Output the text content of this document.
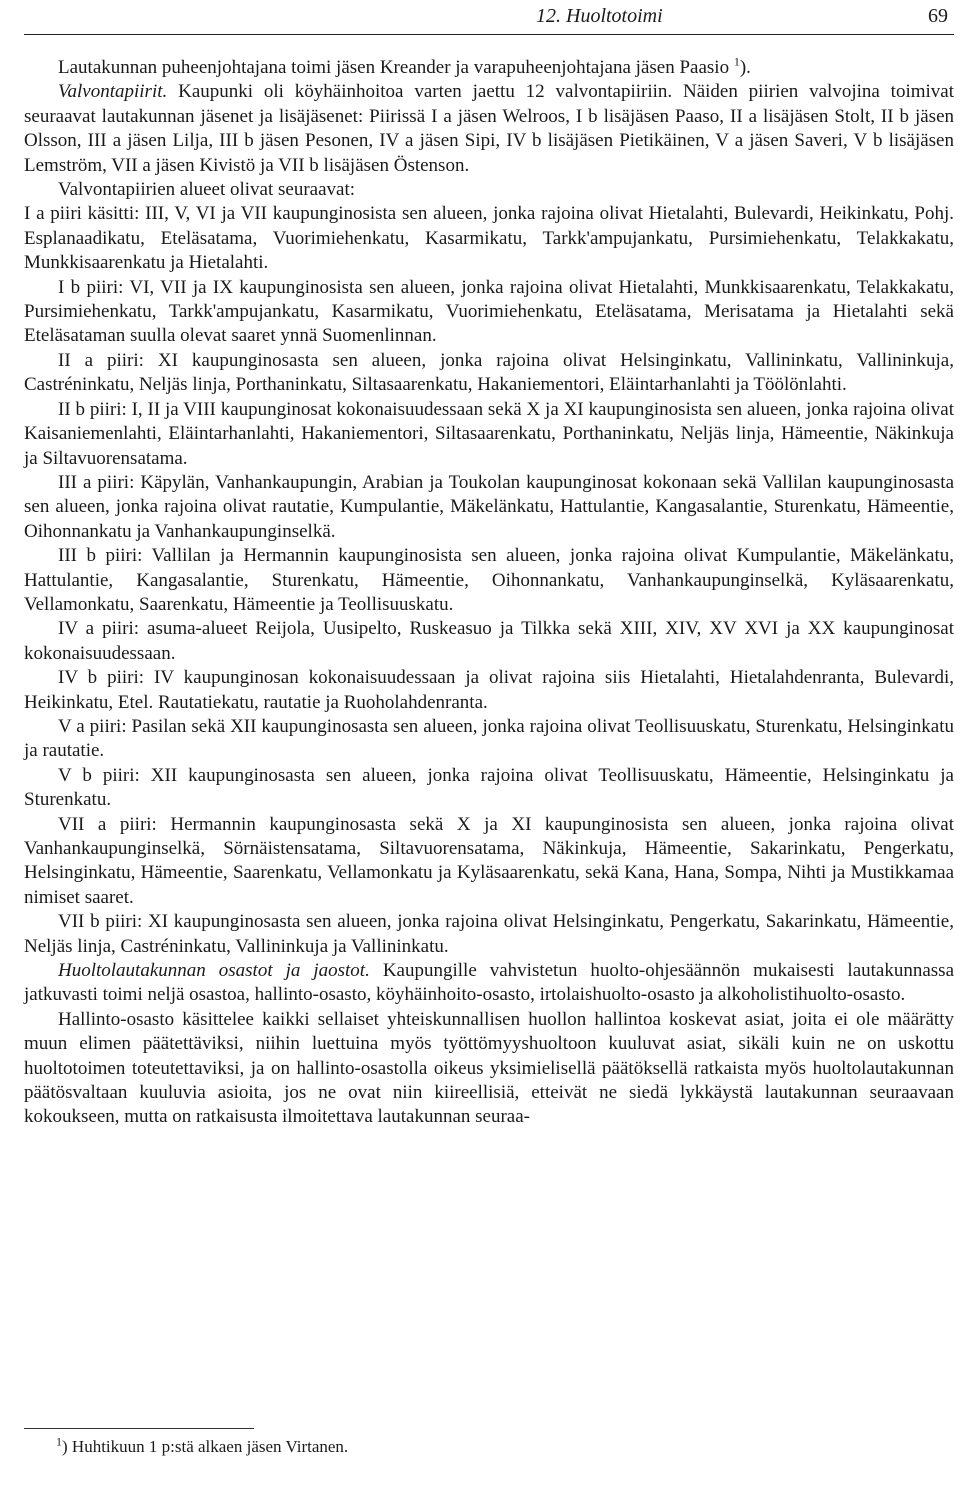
12. Huoltotoimi	69

Lautakunnan puheenjohtajana toimi jäsen Kreander ja varapuheenjohtajana jäsen Paasio $^1$).

Valvontapiirit. Kaupunki oli köyhäinhoitoa varten jaettu 12 valvontapiiriin. Näiden piirien valvojina toimivat seuraavat lautakunnan jäsenet ja lisäjäsenet: Piirissä I a jäsen Welroos, I b lisäjäsen Paaso, II a lisäjäsen Stolt, II b jäsen Olsson, III a jäsen Lilja, III b jäsen Pesonen, IV a jäsen Sipi, IV b lisäjäsen Pietikäinen, V a jäsen Saveri, V b lisäjäsen Lemström, VII a jäsen Kivistö ja VII b lisäjäsen Östenson.

Valvontapiirien alueet olivat seuraavat:

I a piiri käsitti: III, V, VI ja VII kaupunginosista sen alueen, jonka rajoina olivat Hietalahti, Bulevardi, Heikinkatu, Pohj. Esplanaadikatu, Eteläsatama, Vuorimiehenkatu, Kasarmikatu, Tarkk'ampujankatu, Pursimiehenkatu, Telakkakatu, Munkkisaarenkatu ja Hietalahti.

I b piiri: VI, VII ja IX kaupunginosista sen alueen, jonka rajoina olivat Hietalahti, Munkkisaarenkatu, Telakkakatu, Pursimiehenkatu, Tarkk'ampujankatu, Kasarmikatu, Vuorimiehenkatu, Eteläsatama, Merisatama ja Hietalahti sekä Eteläsataman suulla olevat saaret ynnä Suomenlinnan.

II a piiri: XI kaupunginosasta sen alueen, jonka rajoina olivat Helsinginkatu, Vallininkatu, Vallininkuja, Castréninkatu, Neljäs linja, Porthaninkatu, Siltasaarenkatu, Hakaniementori, Eläintarhanlahti ja Töölönlahti.

II b piiri: I, II ja VIII kaupunginosat kokonaisuudessaan sekä X ja XI kaupunginosista sen alueen, jonka rajoina olivat Kaisaniemenlahti, Eläintarhanlahti, Hakaniementori, Siltasaarenkatu, Porthaninkatu, Neljäs linja, Hämeentie, Näkinkuja ja Siltavuorensatama.

III a piiri: Käpylän, Vanhankaupungin, Arabian ja Toukolan kaupunginosat kokonaan sekä Vallilan kaupunginosasta sen alueen, jonka rajoina olivat rautatie, Kumpulantie, Mäkelänkatu, Hattulantie, Kangasalantie, Sturenkatu, Hämeentie, Oihonnankatu ja Vanhankaupunginselkä.

III b piiri: Vallilan ja Hermannin kaupunginosista sen alueen, jonka rajoina olivat Kumpulantie, Mäkelänkatu, Hattulantie, Kangasalantie, Sturenkatu, Hämeentie, Oihonnankatu, Vanhankaupunginselkä, Kyläsaarenkatu, Vellamonkatu, Saarenkatu, Hämeentie ja Teollisuuskatu.

IV a piiri: asuma-alueet Reijola, Uusipelto, Ruskeasuo ja Tilkka sekä XIII, XIV, XV XVI ja XX kaupunginosat kokonaisuudessaan.

IV b piiri: IV kaupunginosan kokonaisuudessaan ja olivat rajoina siis Hietalahti, Hietalahdenranta, Bulevardi, Heikinkatu, Etel. Rautatiekatu, rautatie ja Ruoholahdenranta.

V a piiri: Pasilan sekä XII kaupunginosasta sen alueen, jonka rajoina olivat Teollisuuskatu, Sturenkatu, Helsinginkatu ja rautatie.

V b piiri: XII kaupunginosasta sen alueen, jonka rajoina olivat Teollisuuskatu, Hämeentie, Helsinginkatu ja Sturenkatu.

VII a piiri: Hermannin kaupunginosasta sekä X ja XI kaupunginosista sen alueen, jonka rajoina olivat Vanhankaupunginselkä, Sörnäistensatama, Siltavuorensatama, Näkinkuja, Hämeentie, Sakarinkatu, Pengerkatu, Helsinginkatu, Hämeentie, Saarenkatu, Vellamonkatu ja Kyläsaarenkatu, sekä Kana, Hana, Sompa, Nihti ja Mustikkamaa nimiset saaret.

VII b piiri: XI kaupunginosasta sen alueen, jonka rajoina olivat Helsinginkatu, Pengerkatu, Sakarinkatu, Hämeentie, Neljäs linja, Castréninkatu, Vallininkuja ja Vallininkatu.

Huoltolautakunnan osastot ja jaostot. Kaupungille vahvistetun huolto-ohjesäännön mukaisesti lautakunnassa jatkuvasti toimi neljä osastoa, hallinto-osasto, köyhäinhoito-osasto, irtolaishuolto-osasto ja alkoholistihuolto-osasto.

Hallinto-osasto käsittelee kaikki sellaiset yhteiskunnallisen huollon hallintoa koskevat asiat, joita ei ole määrätty muun elimen päätettäviksi, niihin luettuina myös työttömyyshuoltoon kuuluvat asiat, sikäli kuin ne on uskottu huoltotoimen toteutettaviksi, ja on hallinto-osastolla oikeus yksimielisellä päätöksellä ratkaista myös huoltolautakunnan päätösvaltaan kuuluvia asioita, jos ne ovat niin kiireellisiä, etteivät ne siedä lykkäystä lautakunnan seuraavaan kokoukseen, mutta on ratkaisusta ilmoitettava lautakunnan seuraa-

$^1$) Huhtikuun 1 p:stä alkaen jäsen Virtanen.
